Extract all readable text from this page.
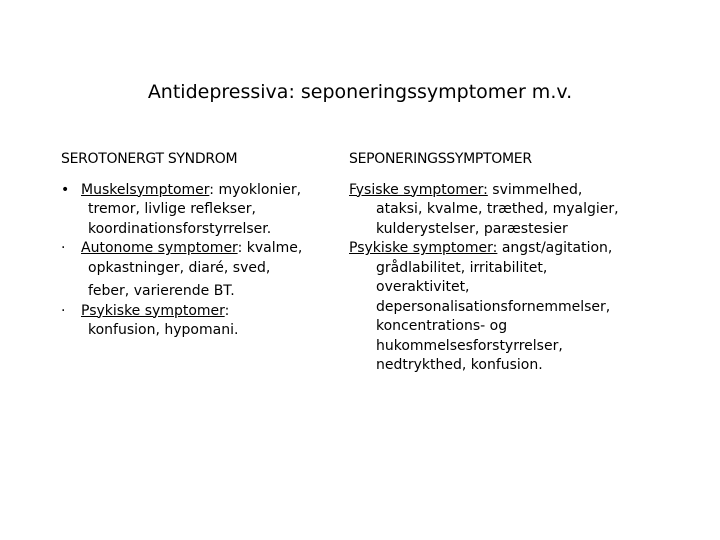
Antidepressiva: seponeringssymptomer m.v.
SEROTONERGT SYNDROM
• Muskelsymptomer: myoklonier,
tremor, livlige reflekser,
koordinationsforstyrrelser.
· Autonome symptomer: kvalme,
opkastninger, diaré, sved,
feber, varierende BT.
· Psykiske symptomer:
konfusion, hypomani.
SEPONERINGSSYMPTOMER
Fysiske symptomer: svimmelhed,
ataksi, kvalme, træthed, myalgier,
kulderystelser, paræstesier
Psykiske symptomer: angst/agitation,
grådlabilitet, irritabilitet,
overaktivitet,
depersonalisationsfornemmelser,
koncentrations- og
hukommelsesforstyrrelser,
nedtrykthed, konfusion.
